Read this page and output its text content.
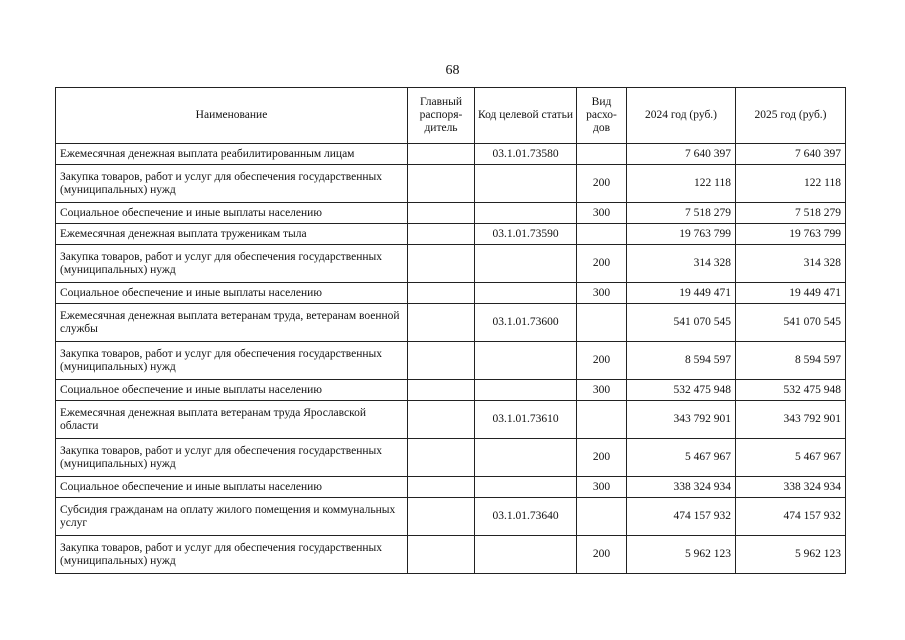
68
Наименование	Главный распоря-дитель	Код целевой статьи	Вид расхо-дов	2024 год (руб.)	2025 год (руб.)
Ежемесячная денежная выплата реабилитированным лицам		03.1.01.73580		7 640 397	7 640 397
Закупка товаров, работ и услуг для обеспечения государственных (муниципальных) нужд			200	122 118	122 118
Социальное обеспечение и иные выплаты населению			300	7 518 279	7 518 279
Ежемесячная денежная выплата труженикам тыла		03.1.01.73590		19 763 799	19 763 799
Закупка товаров, работ и услуг для обеспечения государственных (муниципальных) нужд			200	314 328	314 328
Социальное обеспечение и иные выплаты населению			300	19 449 471	19 449 471
Ежемесячная денежная выплата ветеранам труда, ветеранам военной службы		03.1.01.73600		541 070 545	541 070 545
Закупка товаров, работ и услуг для обеспечения государственных (муниципальных) нужд			200	8 594 597	8 594 597
Социальное обеспечение и иные выплаты населению			300	532 475 948	532 475 948
Ежемесячная денежная выплата ветеранам труда Ярославской области		03.1.01.73610		343 792 901	343 792 901
Закупка товаров, работ и услуг для обеспечения государственных (муниципальных) нужд			200	5 467 967	5 467 967
Социальное обеспечение и иные выплаты населению			300	338 324 934	338 324 934
Субсидия гражданам на оплату жилого помещения и коммунальных услуг		03.1.01.73640		474 157 932	474 157 932
Закупка товаров, работ и услуг для обеспечения государственных (муниципальных) нужд			200	5 962 123	5 962 123
